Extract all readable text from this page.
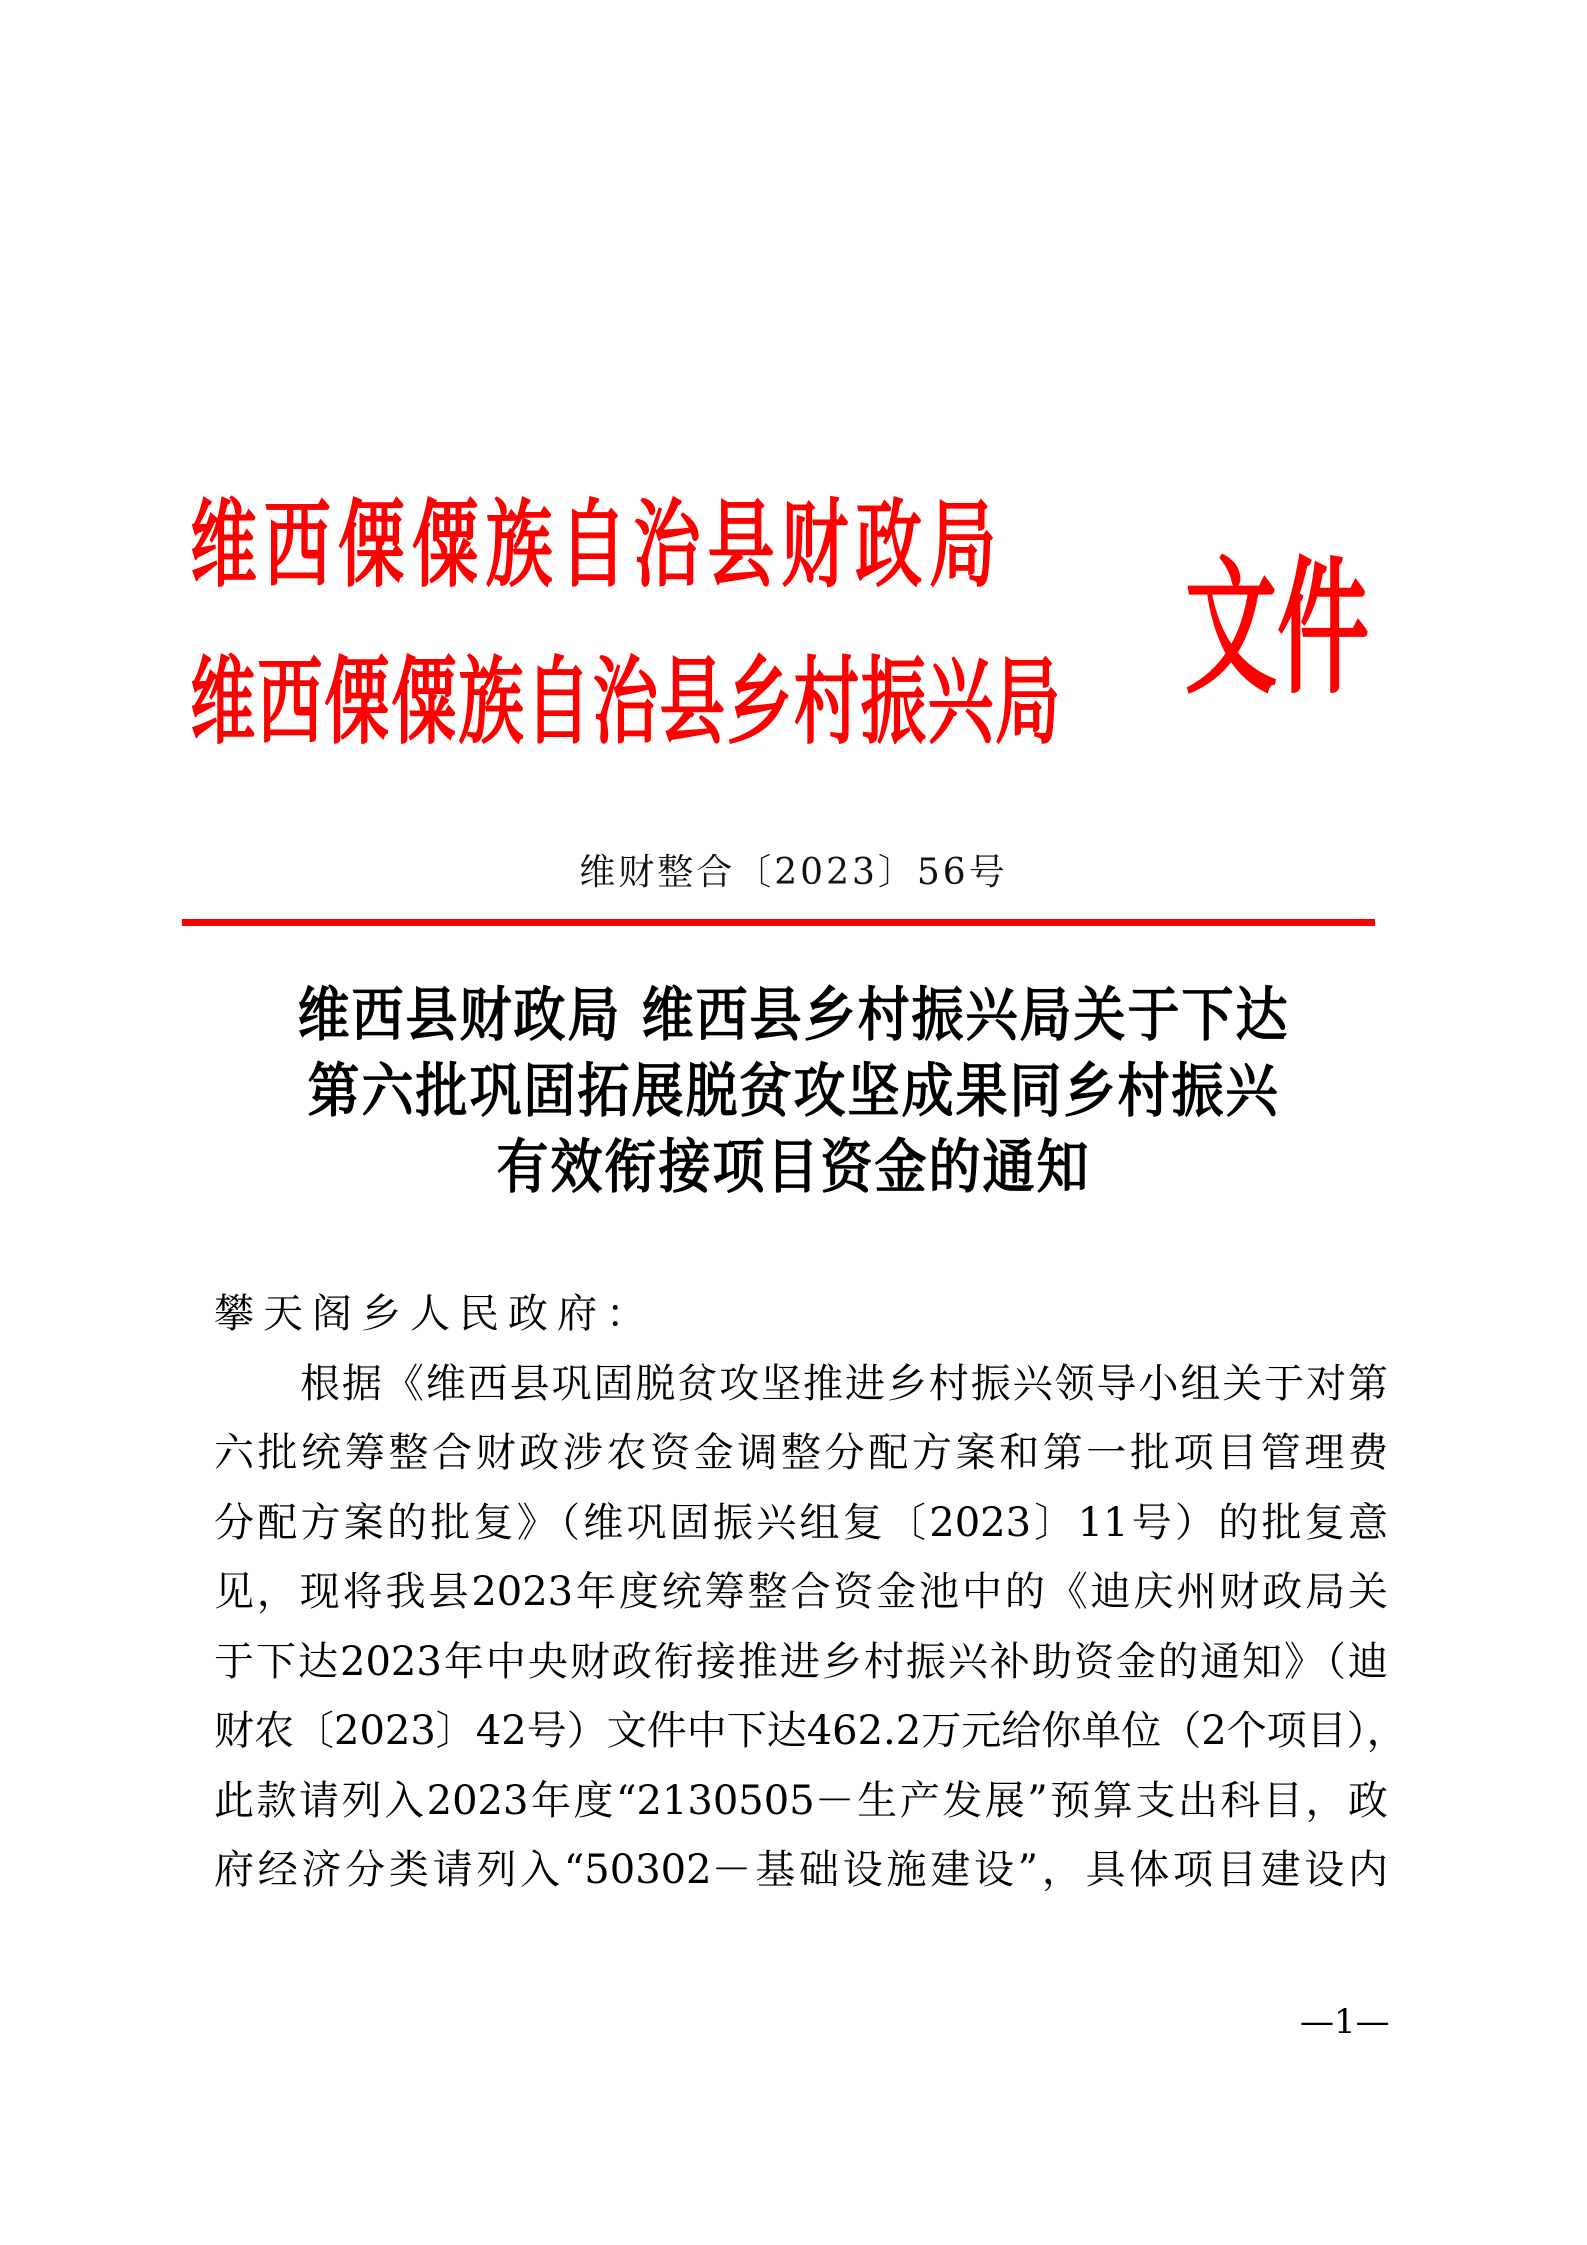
维西傈僳族自治县财政局
维西傈僳族自治县乡村振兴局 文件
维财整合〔2023〕56号
维西县财政局 维西县乡村振兴局关于下达
第六批巩固拓展脱贫攻坚成果同乡村振兴
有效衔接项目资金的通知
攀天阁乡人民政府：
根据《维西县巩固脱贫攻坚推进乡村振兴领导小组关于对第
六批统筹整合财政涉农资金调整分配方案和第一批项目管理费
分配方案的批复》（维巩固振兴组复〔2023〕11号）的批复意
见，现将我县2023年度统筹整合资金池中的《迪庆州财政局关
于下达2023年中央财政衔接推进乡村振兴补助资金的通知》（迪
财农〔2023〕42号）文件中下达462.2万元给你单位（2个项目），
此款请列入2023年度“2130505－生产发展”预算支出科目，政
府经济分类请列入“50302－基础设施建设”，具体项目建设内
—1—
